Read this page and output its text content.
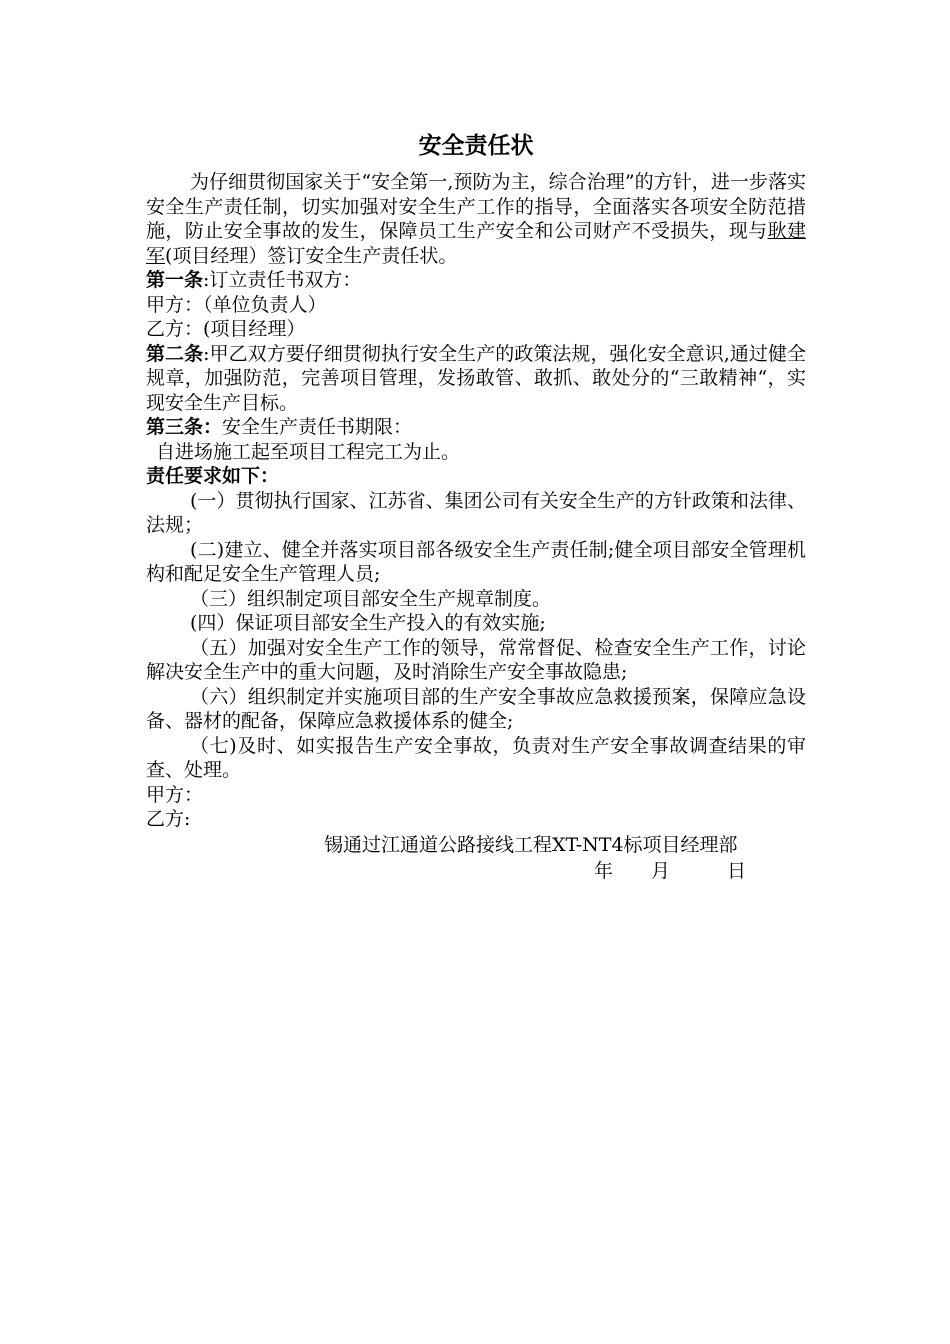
安全责任状
为仔细贯彻国家关于“安全第一,预防为主，综合治理”的方针，进一步落实安全生产责任制，切实加强对安全生产工作的指导，全面落实各项安全防范措施，防止安全事故的发生，保障员工生产安全和公司财产不受损失，现与耿建军(项目经理）签订安全生产责任状。
第一条:订立责任书双方：
甲方：（单位负责人）
乙方：(项目经理）
第二条:甲乙双方要仔细贯彻执行安全生产的政策法规，强化安全意识,通过健全规章，加强防范，完善项目管理，发扬敢管、敢抓、敢处分的“三敢精神“，实现安全生产目标。
第三条：安全生产责任书期限：
自进场施工起至项目工程完工为止。
责任要求如下：
(一）贯彻执行国家、江苏省、集团公司有关安全生产的方针政策和法律、法规；
(二)建立、健全并落实项目部各级安全生产责任制;健全项目部安全管理机构和配足安全生产管理人员;
（三）组织制定项目部安全生产规章制度。
(四）保证项目部安全生产投入的有效实施;
（五）加强对安全生产工作的领导，常常督促、检查安全生产工作，讨论解决安全生产中的重大问题，及时消除生产安全事故隐患;
（六）组织制定并实施项目部的生产安全事故应急救援预案，保障应急设备、器材的配备，保障应急救援体系的健全;
（七)及时、如实报告生产安全事故，负责对生产安全事故调查结果的审查、处理。
甲方：
乙方:
锡通过江通道公路接线工程XT-NT4标项目经理部
年　　月　　　日
